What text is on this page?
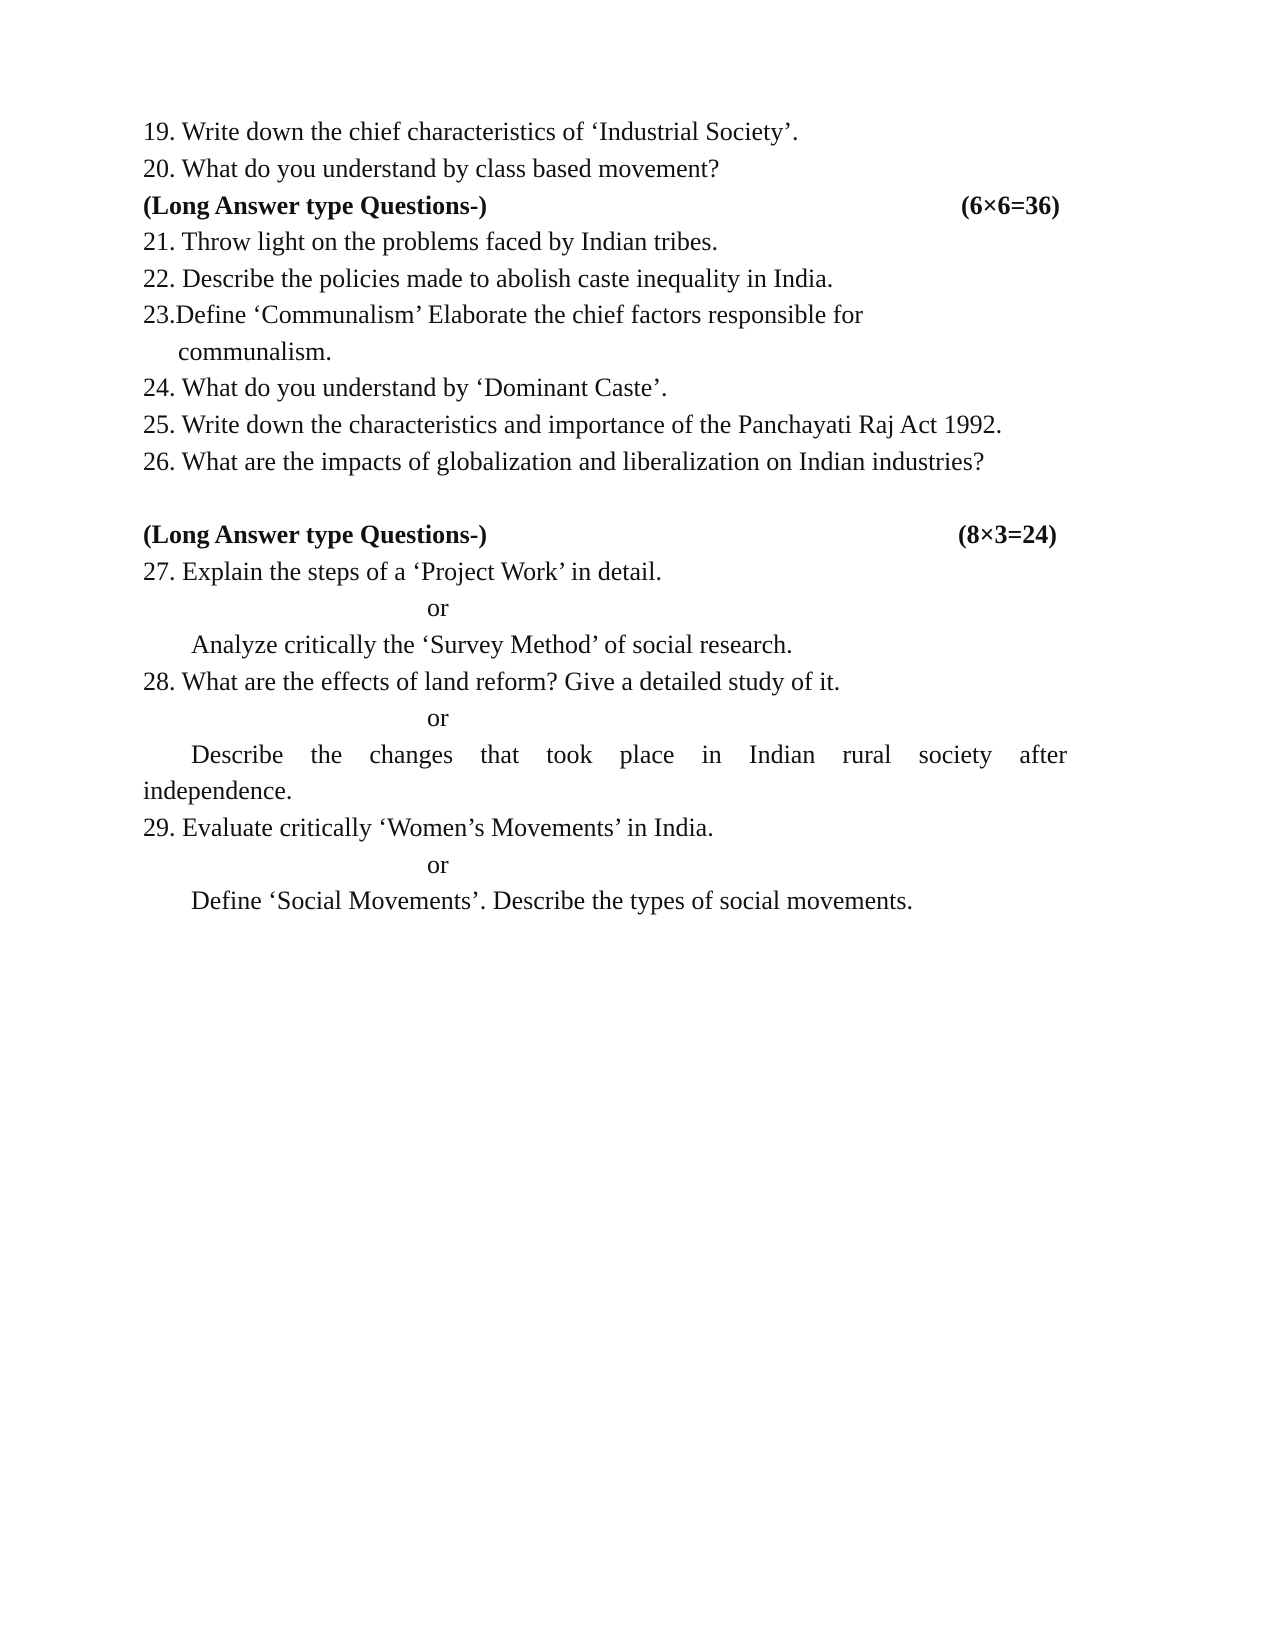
19. Write down the chief characteristics of ‘Industrial Society’.
20. What do you understand by class based movement?
(Long Answer type Questions-)	(6×6=36)
21. Throw light on the problems faced by Indian tribes.
22. Describe the policies made to abolish caste inequality in India.
23.Define ‘Communalism’ Elaborate the chief factors responsible for
communalism.
24. What do you understand by ‘Dominant Caste’.
25. Write down the characteristics and importance of the Panchayati Raj Act 1992.
26. What are the impacts of globalization and liberalization on Indian industries?
(Long Answer type Questions-)	(8×3=24)
27. Explain the steps of a ‘Project Work’ in detail.
or
Analyze critically the ‘Survey Method’ of social research.
28. What are the effects of land reform? Give a detailed study of it.
or
Describe the changes that took place in Indian rural society after
independence.
29. Evaluate critically ‘Women’s Movements’ in India.
or
Define ‘Social Movements’. Describe the types of social movements.
